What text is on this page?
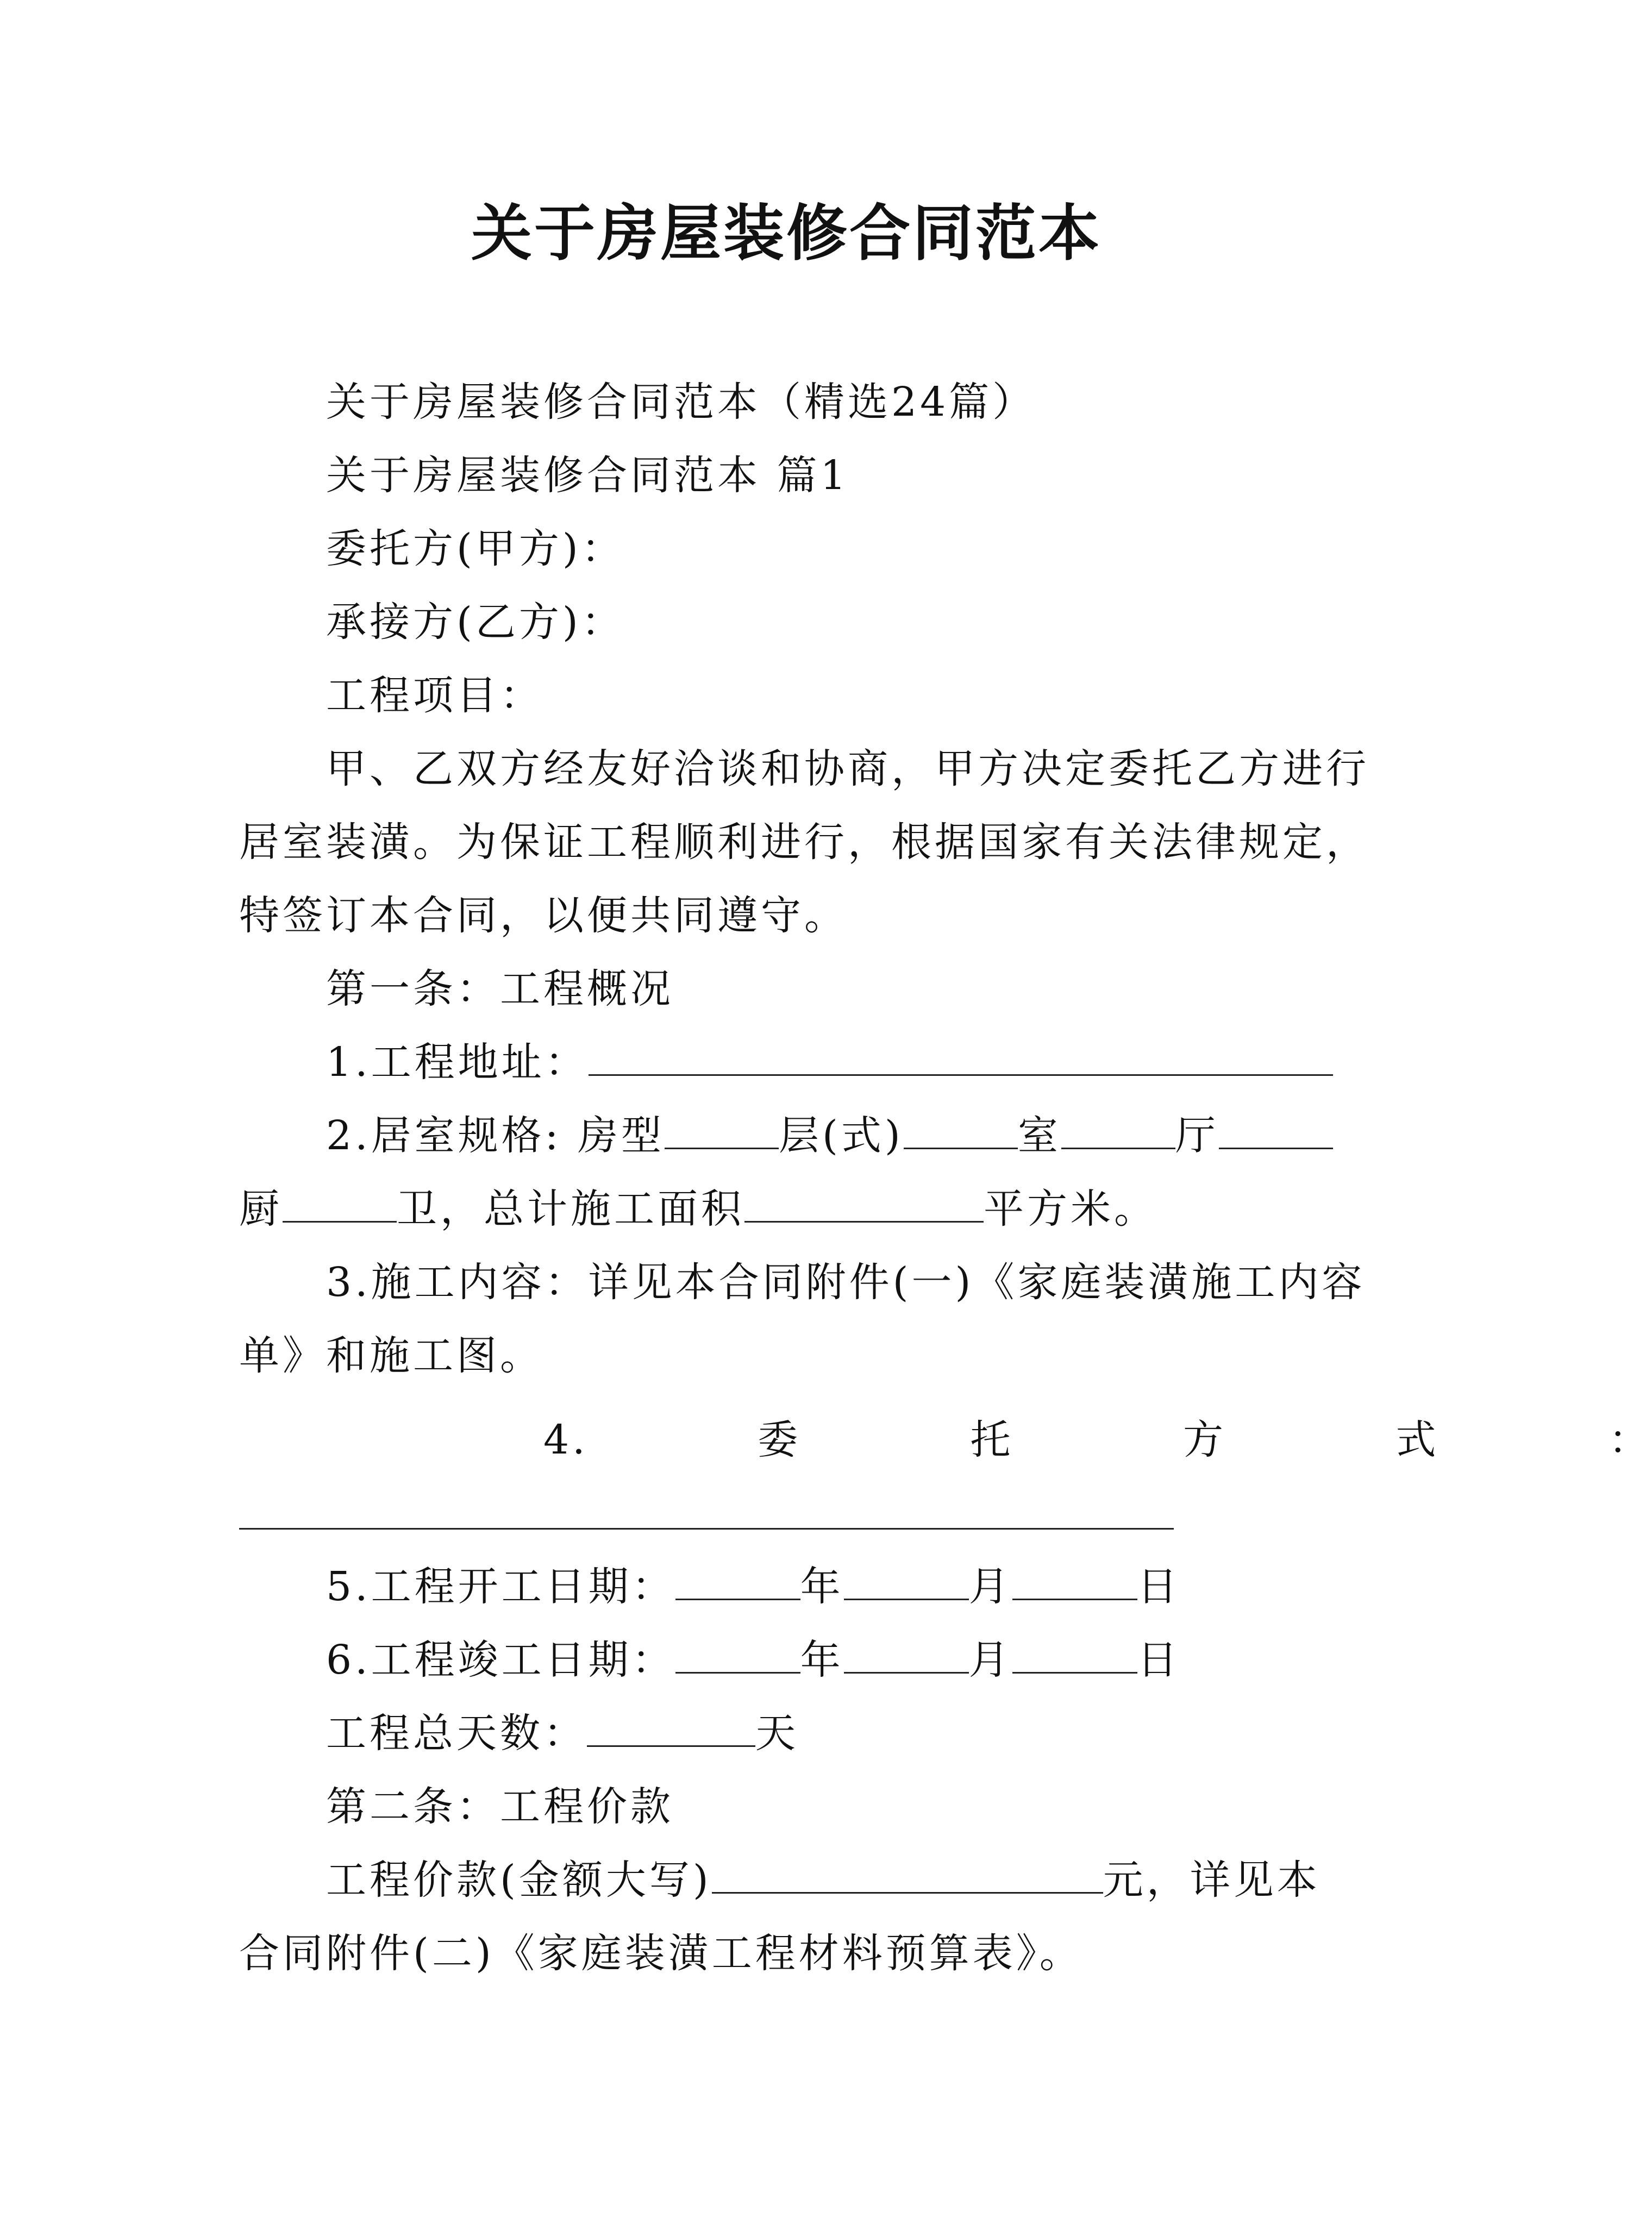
关于房屋装修合同范本
关于房屋装修合同范本（精选24篇）
关于房屋装修合同范本 篇1
委托方(甲方)：
承接方(乙方)：
工程项目：
甲、乙双方经友好洽谈和协商，甲方决定委托乙方进行
居室装潢。为保证工程顺利进行，根据国家有关法律规定，
特签订本合同，以便共同遵守。
第一条：工程概况
1.工程地址：
2.居室规格: 房型	层(式)	室	厅
厨	卫，总计施工面积	平方米。
3.施工内容：详见本合同附件(一)《家庭装潢施工内容
单》和施工图。
4.	委	托	方	式	：
5.工程开工日期：	年	月	日
6.工程竣工日期：	年	月	日
工程总天数：	天
第二条：工程价款
工程价款(金额大写)	元，详见本
合同附件(二)《家庭装潢工程材料预算表》。
